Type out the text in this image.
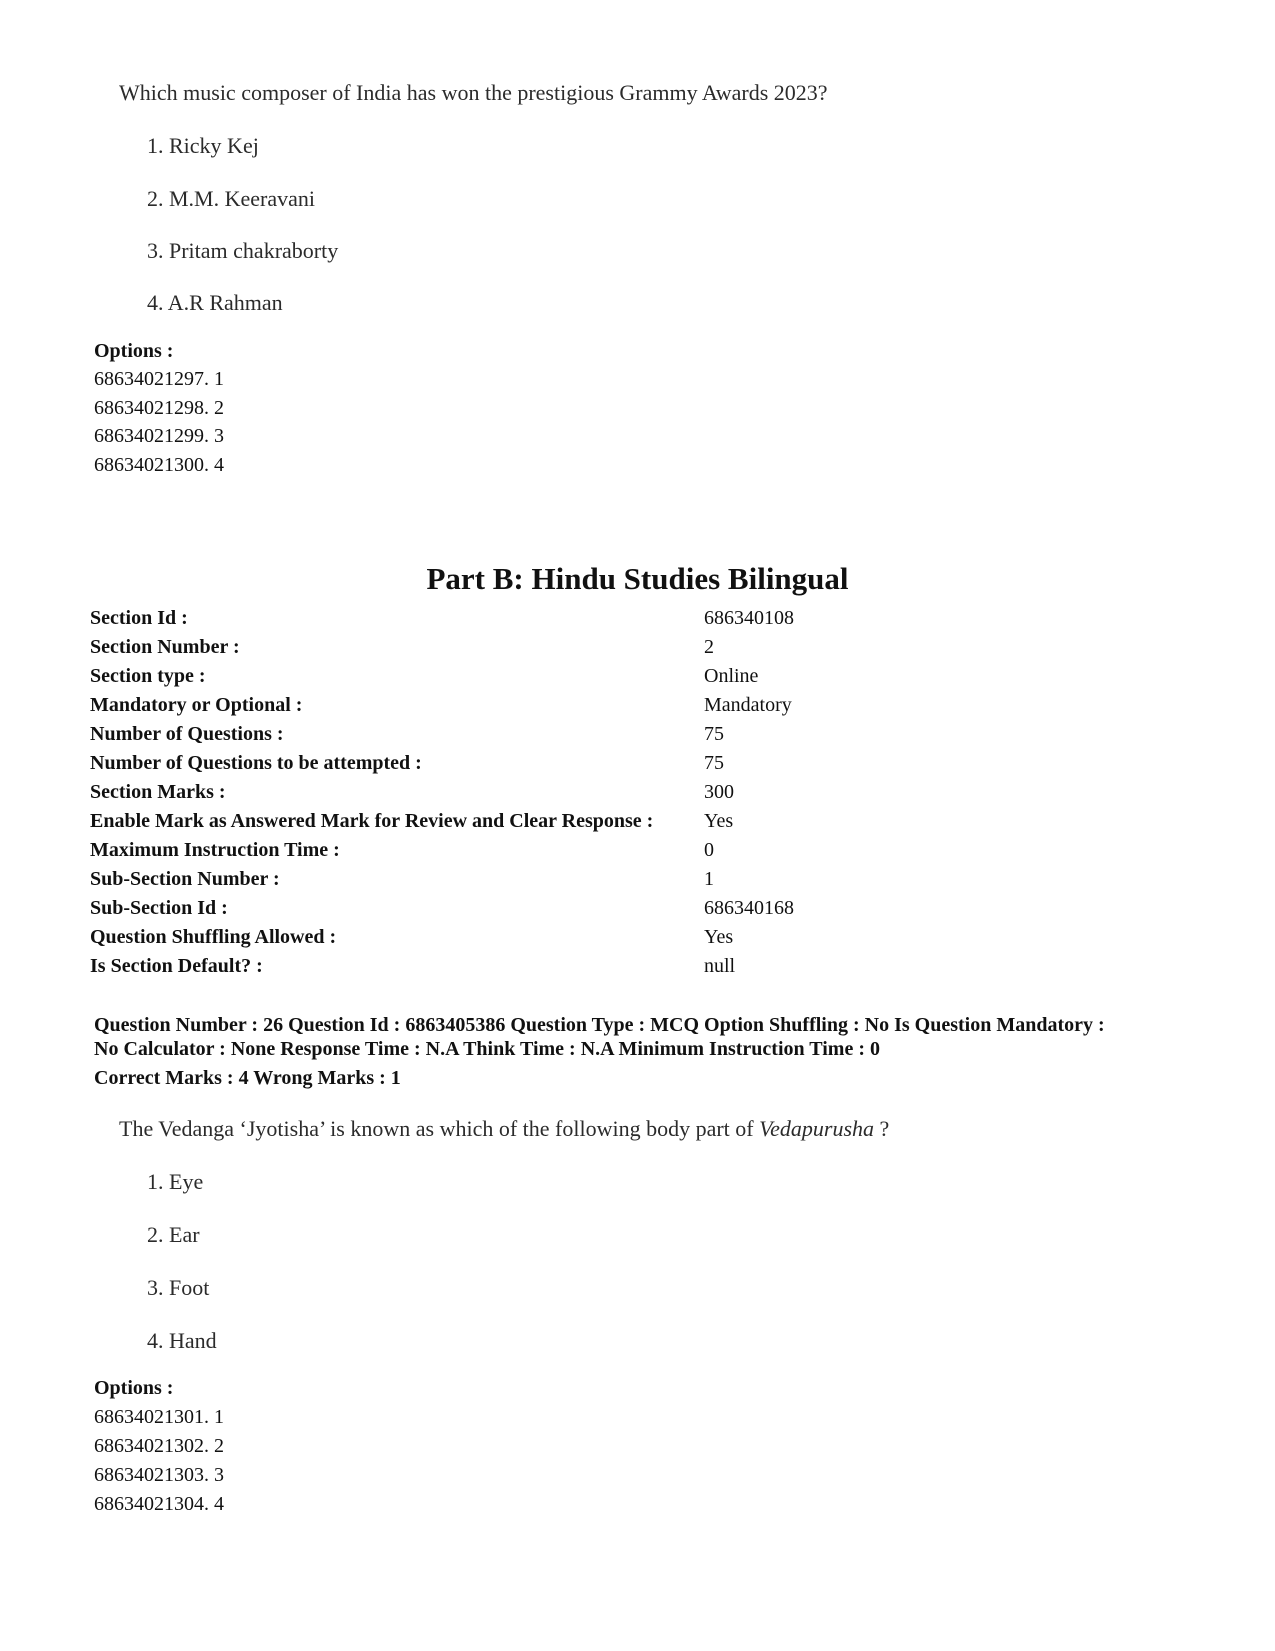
Which music composer of India has won the prestigious Grammy Awards 2023?
1. Ricky Kej
2. M.M. Keeravani
3. Pritam chakraborty
4. A.R Rahman
Options :
68634021297. 1
68634021298. 2
68634021299. 3
68634021300. 4
Part B: Hindu Studies Bilingual
Section Id :	686340108
Section Number :	2
Section type :	Online
Mandatory or Optional :	Mandatory
Number of Questions :	75
Number of Questions to be attempted :	75
Section Marks :	300
Enable Mark as Answered Mark for Review and Clear Response :	Yes
Maximum Instruction Time :	0
Sub-Section Number :	1
Sub-Section Id :	686340168
Question Shuffling Allowed :	Yes
Is Section Default? :	null
Question Number : 26 Question Id : 6863405386 Question Type : MCQ Option Shuffling : No Is Question Mandatory :
No Calculator : None Response Time : N.A Think Time : N.A Minimum Instruction Time : 0
Correct Marks : 4 Wrong Marks : 1
The Vedanga ‘Jyotisha’ is known as which of the following body part of Vedapurusha ?
1. Eye
2. Ear
3. Foot
4. Hand
Options :
68634021301. 1
68634021302. 2
68634021303. 3
68634021304. 4
